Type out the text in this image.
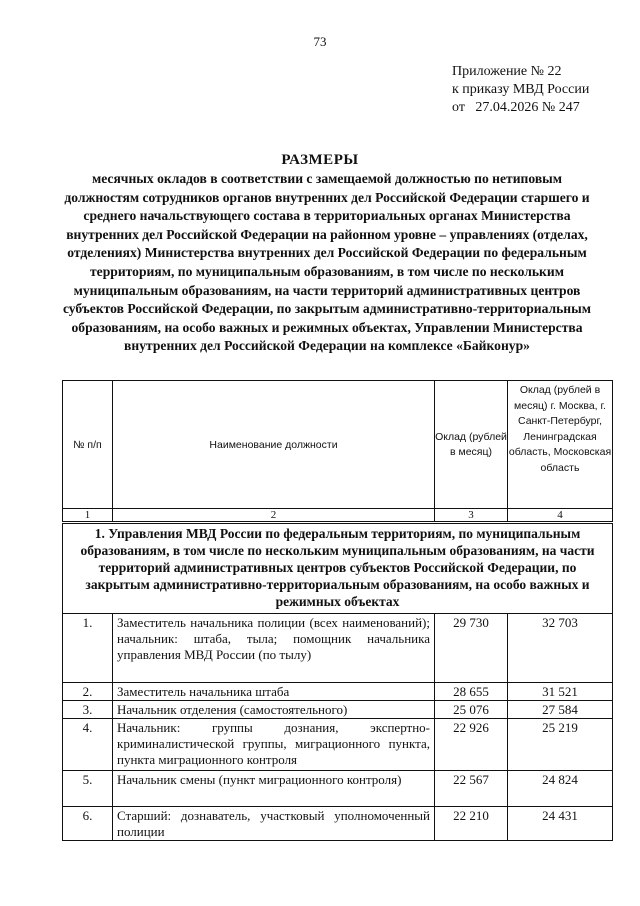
73
Приложение № 22
к приказу МВД России
от   27.04.2026 № 247
РАЗМЕРЫ
месячных окладов в соответствии с замещаемой должностью по нетиповым должностям сотрудников органов внутренних дел Российской Федерации старшего и среднего начальствующего состава в территориальных органах Министерства внутренних дел Российской Федерации на районном уровне – управлениях (отделах, отделениях) Министерства внутренних дел Российской Федерации по федеральным территориям, по муниципальным образованиям, в том числе по нескольким муниципальным образованиям, на части территорий административных центров субъектов Российской Федерации, по закрытым административно-территориальным образованиям, на особо важных и режимных объектах, Управлении Министерства внутренних дел Российской Федерации на комплексе «Байконур»
№ п/п	Наименование должности	Оклад (рублей в месяц)	Оклад (рублей в месяц) г. Москва, г. Санкт-Петербург, Ленинградская область, Московская область
1	2	3	4
1. Управления МВД России по федеральным территориям, по муниципальным образованиям, в том числе по нескольким муниципальным образованиям, на части территорий административных центров субъектов Российской Федерации, по закрытым административно-территориальным образованиям, на особо важных и режимных объектах			
1.	Заместитель начальника полиции (всех наименований); начальник: штаба, тыла; помощник начальника управления МВД России (по тылу)	29 730	32 703
2.	Заместитель начальника штаба	28 655	31 521
3.	Начальник отделения (самостоятельного)	25 076	27 584
4.	Начальник: группы дознания, экспертно-криминалистической группы, миграционного пункта, пункта миграционного контроля	22 926	25 219
5.	Начальник смены (пункт миграционного контроля)	22 567	24 824
6.	Старший: дознаватель, участковый уполномоченный полиции	22 210	24 431
